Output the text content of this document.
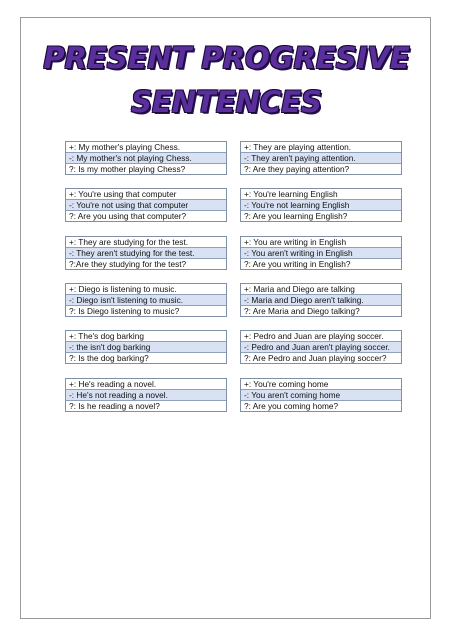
PRESENT PROGRESIVE
SENTENCES
+: My mother's playing Chess.
-: My mother's not playing Chess.
?: Is my mother playing Chess?
+: You're using that computer
-: You're not using that computer
?: Are you using that computer?
+: They are studying for the test.
-: They aren't studying for the test.
?:Are they studying for the test?
+: Diego is listening to music.
-: Diego isn't listening to music.
?: Is Diego listening to music?
+: The's dog barking
-: the isn't dog barking
?: Is the dog barking?
+: He's reading a novel.
-: He's not reading a novel.
?: Is he reading a novel?
+: They are playing attention.
-: They aren't paying attention.
?: Are they paying attention?
+: You're learning English
-: You're not learning English
?: Are you learning English?
+: You are writing in English
-: You aren't writing in English
?: Are you writing in English?
+: Maria and Diego are talking
-: Maria and Diego aren't talking.
?: Are Maria and Diego talking?
+: Pedro and Juan are playing soccer.
-: Pedro and Juan aren't playing soccer.
?: Are Pedro and Juan playing soccer?
+: You're coming home
-: You aren't coming home
?: Are you coming home?
